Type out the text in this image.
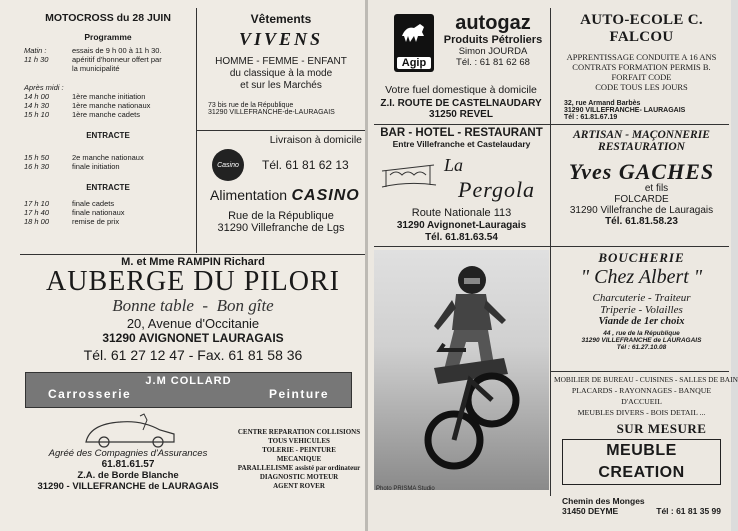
MOTOCROSS du 28 JUIN
Programme
Matin :	essais de 9 h 00 à 11 h 30.
11 h 30	apéritif d'honneur offert par
la municipalité
Après midi :
14 h 00	1ère manche initiation
14 h 30	1ère manche nationaux
15 h 10	1ère manche cadets
ENTRACTE
15 h 50	2e manche nationaux
16 h 30	finale initiation
ENTRACTE
17 h 10	finale cadets
17 h 40	finale nationaux
18 h 00	remise de prix
Vêtements
VIVENS
HOMME - FEMME - ENFANT
du classique à la mode
et sur les Marchés
73 bis rue de la République
31290 VILLEFRANCHE-de-LAURAGAIS
Livraison à domicile
Casino Tél. 61 81 62 13
Alimentation CASINO
Rue de la République
31290 Villefranche de Lgs
M. et Mme RAMPIN Richard
AUBERGE DU PILORI
Bonne table  -  Bon gîte
20, Avenue d'Occitanie
31290 AVIGNONET LAURAGAIS
Tél. 61 27 12 47 - Fax. 61 81 58 36
J.M COLLARD
Carrosserie	Peinture
Agréé des Compagnies d'Assurances
61.81.61.57
Z.A. de Borde Blanche
31290 - VILLEFRANCHE de LAURAGAIS
CENTRE REPARATION COLLISIONS
TOUS VEHICULES
TOLERIE - PEINTURE
MECANIQUE
PARALLELISME assisté par ordinateur
DIAGNOSTIC MOTEUR
AGENT ROVER
Agip
autogaz
Produits Pétroliers
Simon JOURDA
Tél. : 61 81 62 68
Votre fuel domestique à domicile
Z.I. ROUTE DE CASTELNAUDARY
31250 REVEL
AUTO-ECOLE C. FALCOU
APPRENTISSAGE CONDUITE A 16 ANS
CONTRATS FORMATION PERMIS B.
FORFAIT CODE
CODE TOUS LES JOURS
32, rue Armand Barbès
31290 VILLEFRANCHE- LAURAGAIS
Tél : 61.81.67.19
BAR - HOTEL - RESTAURANT
Entre Villefranche et Castelaudary
La
Pergola
Route Nationale 113
31290 Avignonet-Lauragais
Tél. 61.81.63.54
ARTISAN - MAÇONNERIE
RESTAURATION
Yves GACHES
et fils
FOLCARDE
31290 Villefranche de Lauragais
Tél. 61.81.58.23
Photo PRISMA Studio
BOUCHERIE
" Chez Albert "
Charcuterie - Traiteur
Triperie - Volailles
Viande de 1er choix
44 , rue de la République
31290 VILLEFRANCHE de LAURAGAIS
Tél : 61.27.10.08
MOBILIER DE BUREAU - CUISINES - SALLES DE BAIN
PLACARDS - RAYONNAGES - BANQUE D'ACCUEIL
MEUBLES DIVERS - BOIS DETAIL ...
SUR MESURE
MEUBLE CREATION
Chemin des Monges
31450 DEYME	Tél : 61 81 35 99
